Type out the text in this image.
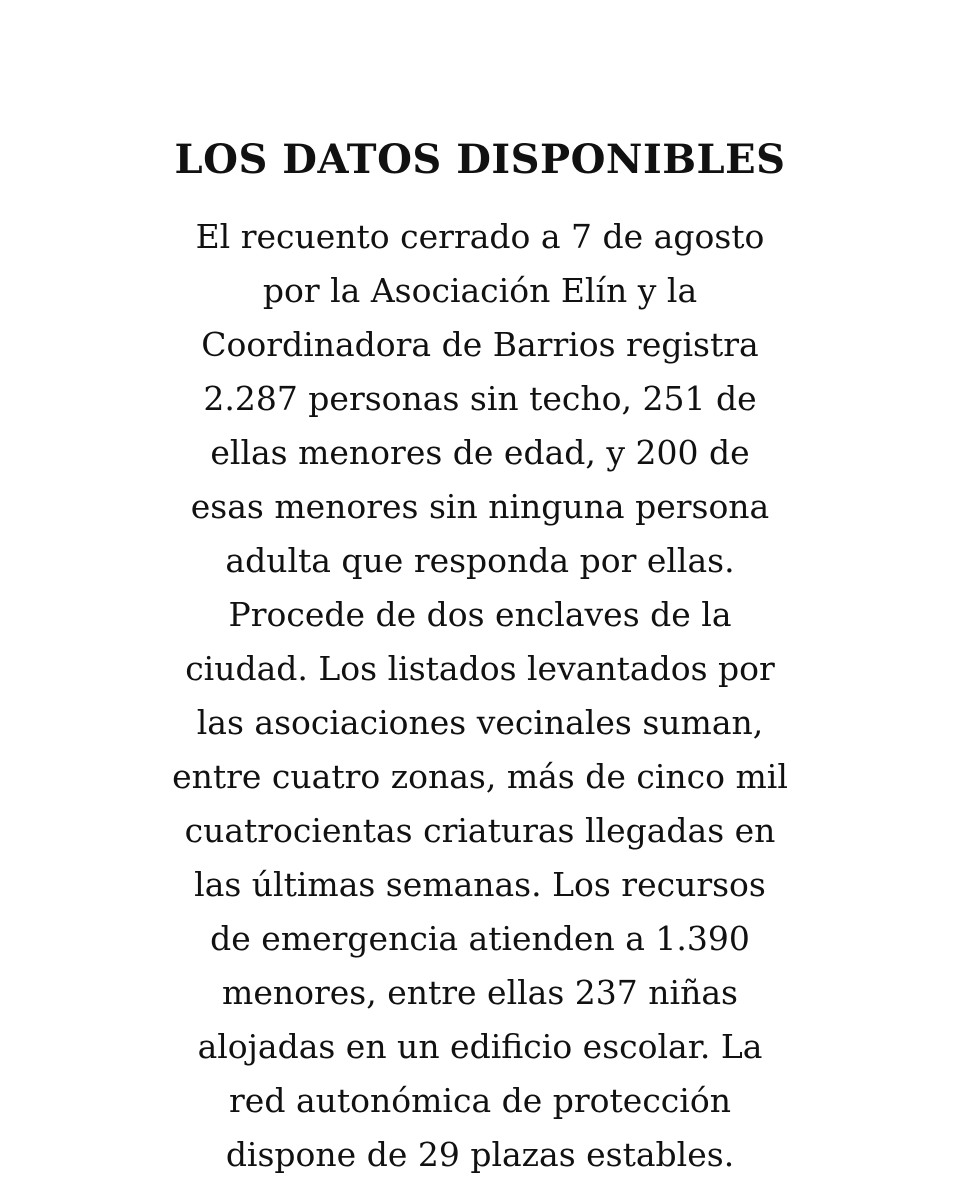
LOS DATOS DISPONIBLES

El recuento cerrado a 7 de agosto
por la Asociación Elín y la
Coordinadora de Barrios registra
2.287 personas sin techo, 251 de
ellas menores de edad, y 200 de
esas menores sin ninguna persona
adulta que responda por ellas.
Procede de dos enclaves de la
ciudad. Los listados levantados por
las asociaciones vecinales suman,
entre cuatro zonas, más de cinco mil
cuatrocientas criaturas llegadas en
las últimas semanas. Los recursos
de emergencia atienden a 1.390
menores, entre ellas 237 niñas
alojadas en un edificio escolar. La
red autonómica de protección
dispone de 29 plazas estables.
